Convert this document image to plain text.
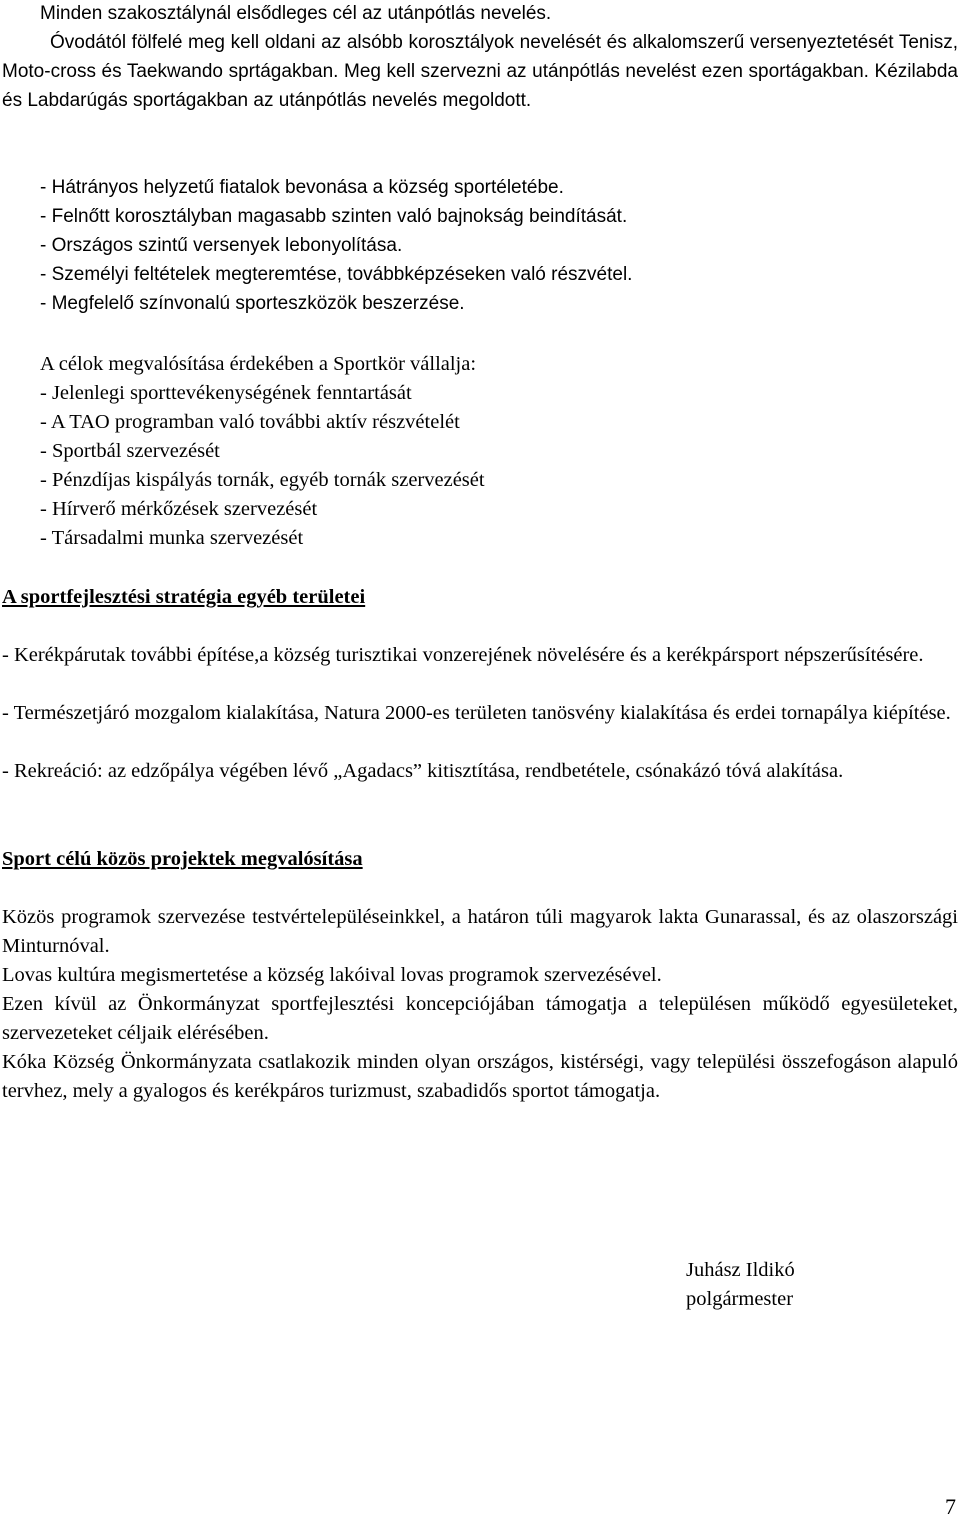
Minden szakosztálynál elsődleges cél az utánpótlás nevelés.
Óvodától fölfelé meg kell oldani az alsóbb korosztályok nevelését és alkalomszerű versenyeztetését Tenisz, Moto-cross és Taekwando sprtágakban. Meg kell szervezni az utánpótlás nevelést ezen sportágakban. Kézilabda és Labdarúgás sportágakban az utánpótlás nevelés megoldott.
- Hátrányos helyzetű fiatalok bevonása a község sportéletébe.
- Felnőtt korosztályban magasabb szinten való bajnokság beindítását.
- Országos szintű versenyek lebonyolítása.
- Személyi feltételek megteremtése, továbbképzéseken való részvétel.
- Megfelelő színvonalú sporteszközök beszerzése.
A célok megvalósítása érdekében a Sportkör vállalja:
- Jelenlegi sporttevékenységének fenntartását
- A TAO programban való további aktív részvételét
- Sportbál szervezését
- Pénzdíjas kispályás tornák, egyéb tornák szervezését
- Hírverő mérkőzések szervezését
- Társadalmi munka szervezését
A sportfejlesztési stratégia egyéb területei
- Kerékpárutak további építése,a község turisztikai vonzerejének növelésére és a kerékpársport népszerűsítésére.
- Természetjáró mozgalom kialakítása, Natura 2000-es területen tanösvény kialakítása és erdei tornapálya kiépítése.
- Rekreáció: az edzőpálya végében lévő „Agadacs” kitisztítása, rendbetétele, csónakázó tóvá alakítása.
Sport célú közös projektek megvalósítása
Közös programok szervezése testvértelepüléseinkkel, a határon túli magyarok lakta Gunarassal, és az olaszországi Minturnóval.
Lovas kultúra megismertetése a község lakóival lovas programok szervezésével.
Ezen kívül az Önkormányzat sportfejlesztési koncepciójában támogatja a településen működő egyesületeket, szervezeteket céljaik elérésében.
Kóka Község Önkormányzata csatlakozik minden olyan országos, kistérségi, vagy települési összefogáson alapuló tervhez, mely a gyalogos és kerékpáros turizmust, szabadidős sportot támogatja.
Juhász Ildikó
polgármester
7
